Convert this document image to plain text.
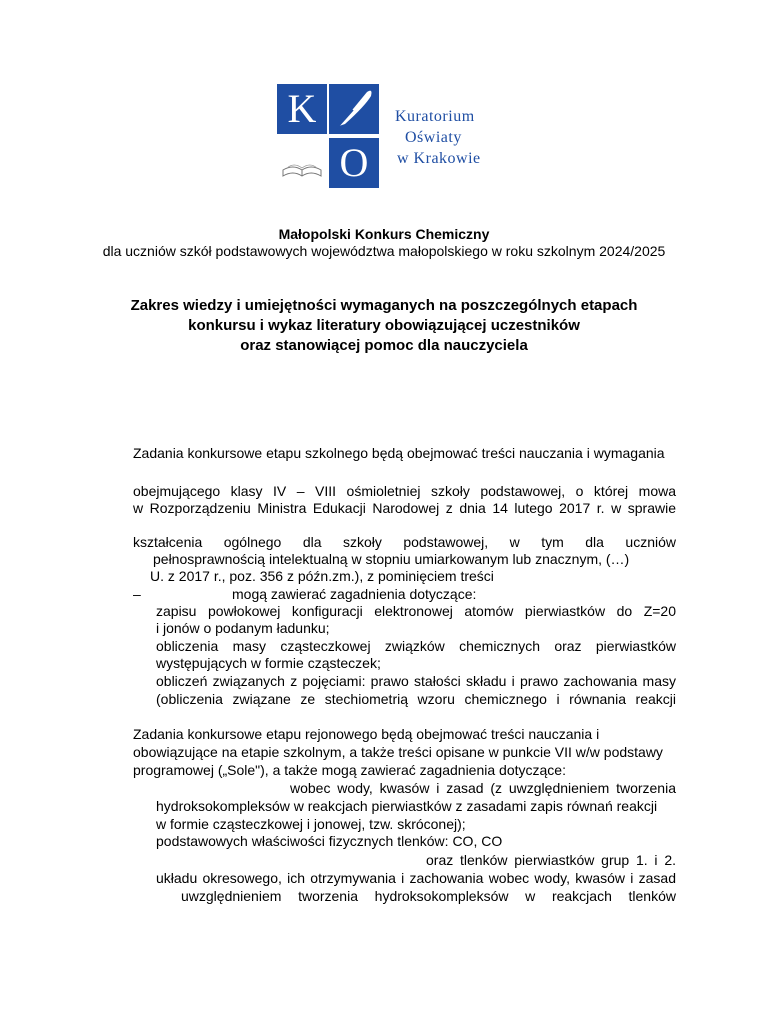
K
O
Kuratorium
Oświaty
w Krakowie
Małopolski Konkurs Chemiczny
dla uczniów szkół podstawowych województwa małopolskiego w roku szkolnym 2024/2025
Zakres wiedzy i umiejętności wymaganych na poszczególnych etapach
konkursu i wykaz literatury obowiązującej uczestników
oraz stanowiącej pomoc dla nauczyciela
Zadania konkursowe etapu szkolnego będą obejmować treści nauczania i wymagania
obejmującego klasy IV – VIII ośmioletniej szkoły podstawowej, o której mowa
w Rozporządzeniu Ministra Edukacji Narodowej z dnia 14 lutego 2017 r. w sprawie
kształcenia ogólnego dla szkoły podstawowej, w tym dla uczniów
pełnosprawnością intelektualną w stopniu umiarkowanym lub znacznym, (…)
U. z 2017 r., poz. 356 z późn.zm.), z pominięciem treści
–	mogą zawierać zagadnienia dotyczące:
zapisu powłokowej konfiguracji elektronowej atomów pierwiastków do Z=20
i jonów o podanym ładunku;
obliczenia masy cząsteczkowej związków chemicznych oraz pierwiastków
występujących w formie cząsteczek;
obliczeń związanych z pojęciami: prawo stałości składu i prawo zachowania masy
(obliczenia związane ze stechiometrią wzoru chemicznego i równania reakcji
Zadania konkursowe etapu rejonowego będą obejmować treści nauczania i
obowiązujące na etapie szkolnym, a także treści opisane w punkcie VII w/w podstawy
programowej („Sole"), a także mogą zawierać zagadnienia dotyczące:
wobec wody, kwasów i zasad (z uwzględnieniem tworzenia
hydroksokompleksów w reakcjach pierwiastków z zasadami zapis równań reakcji
w formie cząsteczkowej i jonowej, tzw. skróconej);
podstawowych właściwości fizycznych tlenków: CO, CO
oraz tlenków pierwiastków grup 1. i 2.
układu okresowego, ich otrzymywania i zachowania wobec wody, kwasów i zasad
uwzględnieniem tworzenia hydroksokompleksów w reakcjach tlenków
